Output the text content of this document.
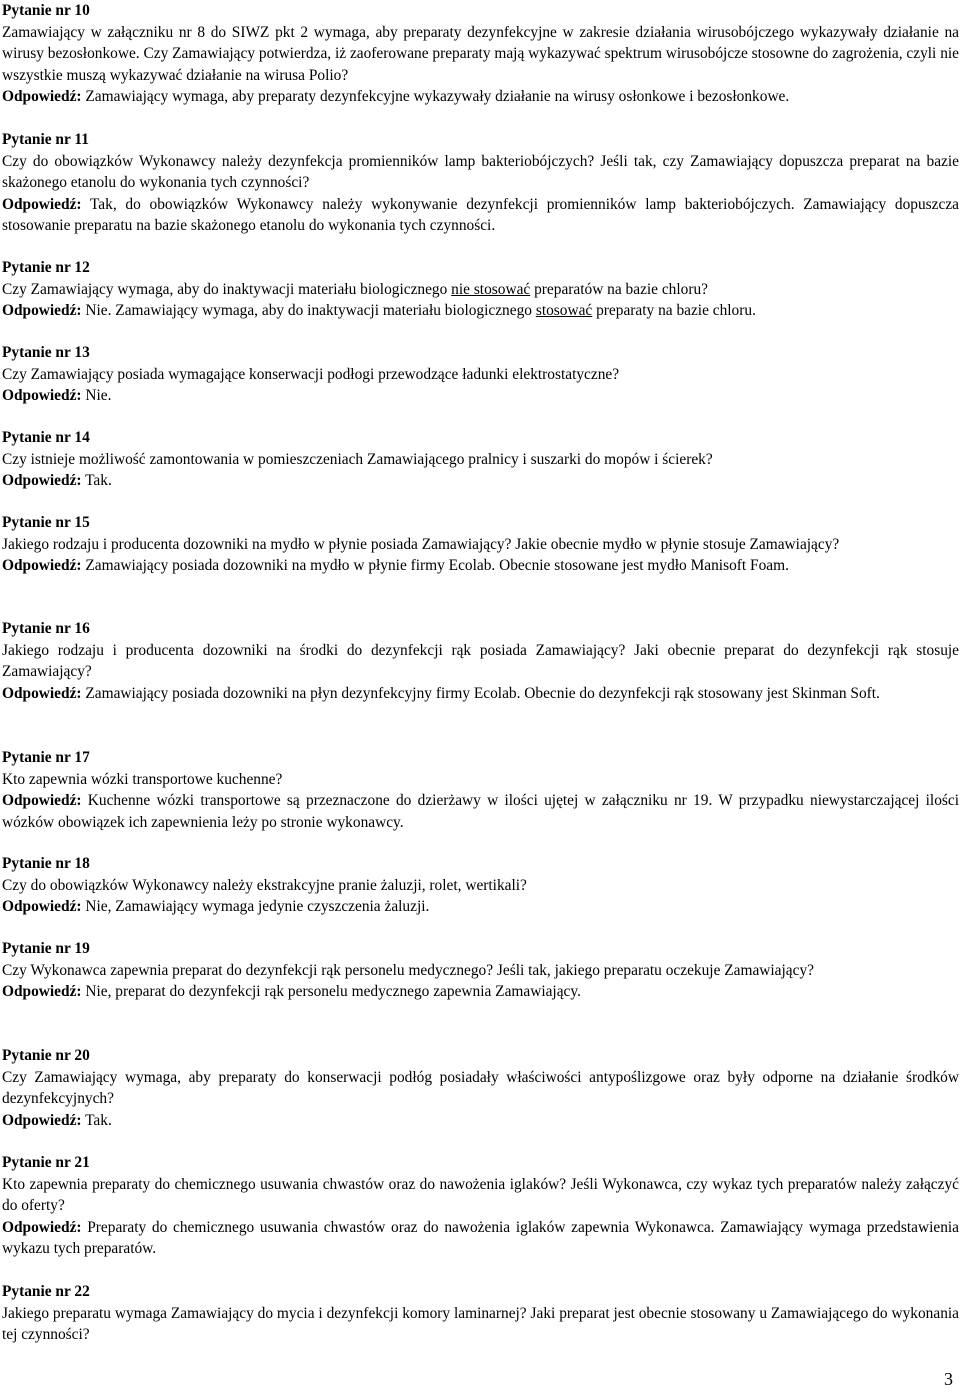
Pytanie nr 10
Zamawiający w załączniku nr 8 do SIWZ pkt 2 wymaga, aby preparaty dezynfekcyjne w zakresie działania wirusobójczego wykazywały działanie na wirusy bezosłonkowe. Czy Zamawiający potwierdza, iż zaoferowane preparaty mają wykazywać spektrum wirusobójcze stosowne do zagrożenia, czyli nie wszystkie muszą wykazywać działanie na wirusa Polio?
Odpowiedź: Zamawiający wymaga, aby preparaty dezynfekcyjne wykazywały działanie na wirusy osłonkowe i bezosłonkowe.
Pytanie nr 11
Czy do obowiązków Wykonawcy należy dezynfekcja promienników lamp bakteriobójczych? Jeśli tak, czy Zamawiający dopuszcza preparat na bazie skażonego etanolu do wykonania tych czynności?
Odpowiedź: Tak, do obowiązków Wykonawcy należy wykonywanie dezynfekcji promienników lamp bakteriobójczych. Zamawiający dopuszcza stosowanie preparatu na bazie skażonego etanolu do wykonania tych czynności.
Pytanie nr 12
Czy Zamawiający wymaga, aby do inaktywacji materiału biologicznego nie stosować preparatów na bazie chloru?
Odpowiedź: Nie. Zamawiający wymaga, aby do inaktywacji materiału biologicznego stosować preparaty na bazie chloru.
Pytanie nr 13
Czy Zamawiający posiada wymagające konserwacji podłogi przewodzące ładunki elektrostatyczne?
Odpowiedź: Nie.
Pytanie nr 14
Czy istnieje możliwość zamontowania w pomieszczeniach Zamawiającego pralnicy i suszarki do mopów i ścierek?
Odpowiedź: Tak.
Pytanie nr 15
Jakiego rodzaju i producenta dozowniki na mydło w płynie posiada Zamawiający? Jakie obecnie mydło w płynie stosuje Zamawiający?
Odpowiedź: Zamawiający posiada dozowniki na mydło w płynie firmy Ecolab. Obecnie stosowane jest mydło Manisoft Foam.
Pytanie nr 16
Jakiego rodzaju i producenta dozowniki na środki do dezynfekcji rąk posiada Zamawiający? Jaki obecnie preparat do dezynfekcji rąk stosuje Zamawiający?
Odpowiedź: Zamawiający posiada dozowniki na płyn dezynfekcyjny firmy Ecolab. Obecnie do dezynfekcji rąk stosowany jest Skinman Soft.
Pytanie nr 17
Kto zapewnia wózki transportowe kuchenne?
Odpowiedź: Kuchenne wózki transportowe są przeznaczone do dzierżawy w ilości ujętej w załączniku nr 19. W przypadku niewystarczającej ilości wózków obowiązek ich zapewnienia leży po stronie wykonawcy.
Pytanie nr 18
Czy do obowiązków Wykonawcy należy ekstrakcyjne pranie żaluzji, rolet, wertikali?
Odpowiedź: Nie, Zamawiający wymaga jedynie czyszczenia żaluzji.
Pytanie nr 19
Czy Wykonawca zapewnia preparat do dezynfekcji rąk personelu medycznego? Jeśli tak, jakiego preparatu oczekuje Zamawiający?
Odpowiedź: Nie, preparat do dezynfekcji rąk personelu medycznego zapewnia Zamawiający.
Pytanie nr 20
Czy Zamawiający wymaga, aby preparaty do konserwacji podłóg posiadały właściwości antypoślizgowe oraz były odporne na działanie środków dezynfekcyjnych?
Odpowiedź: Tak.
Pytanie nr 21
Kto zapewnia preparaty do chemicznego usuwania chwastów oraz do nawożenia iglaków? Jeśli Wykonawca, czy wykaz tych preparatów należy załączyć do oferty?
Odpowiedź: Preparaty do chemicznego usuwania chwastów oraz do nawożenia iglaków zapewnia Wykonawca. Zamawiający wymaga przedstawienia wykazu tych preparatów.
Pytanie nr 22
Jakiego preparatu wymaga Zamawiający do mycia i dezynfekcji komory laminarnej? Jaki preparat jest obecnie stosowany u Zamawiającego do wykonania tej czynności?
3
